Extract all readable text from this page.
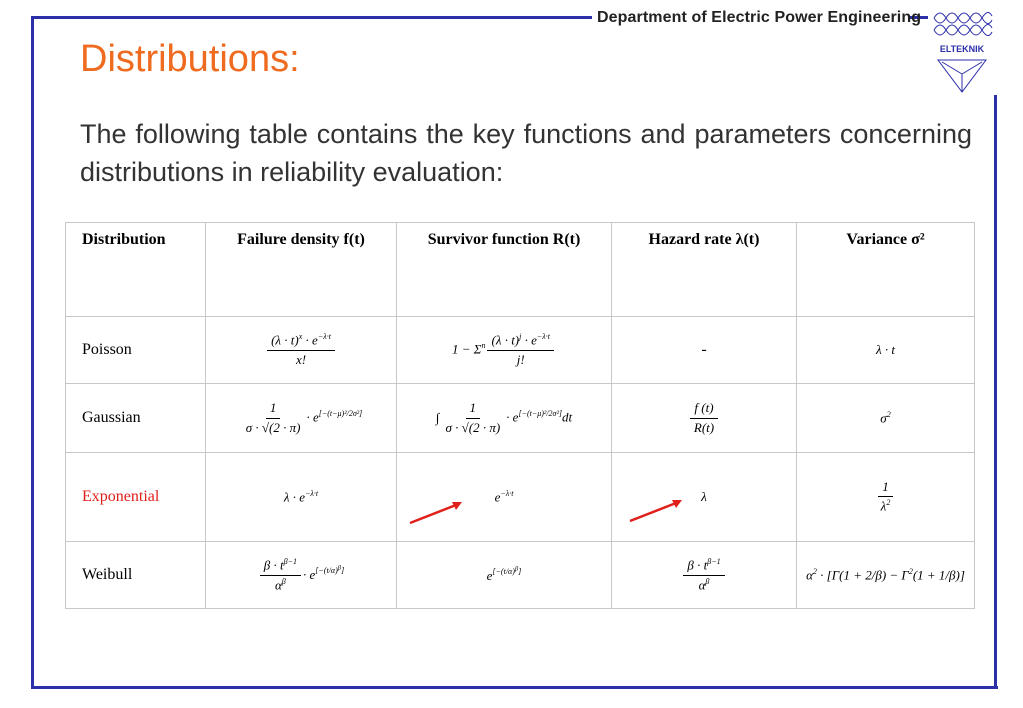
Department of Electric Power Engineering
ELTEKNIK
Distributions:
The following table contains the key functions and parameters concerning distributions in reliability evaluation:
Distribution	Failure density f(t)	Survivor function R(t)	Hazard rate λ(t)	Variance σ²
Poisson	$\frac{(\lambda \cdot t)^x \cdot e^{-\lambda\cdot t}}{x!}$	$1 - \Sigma^n \frac{(\lambda \cdot t)^j \cdot e^{-\lambda\cdot t}}{j!}$	-	λ · t
Gaussian	$\frac{1}{\sigma \cdot √(2 \cdot \pi)} \cdot e[-(t-\mu)^2/2\sigma^2]$	∫ $\frac{1}{\sigma \cdot √(2 \cdot \pi)} \cdot e[-(t-\mu)^2/2\sigma^2]dt$	$\frac{f (t)}{R(t)}$	$\sigma^2$
Exponential	$\lambda \cdot e^{-\lambda\cdot t}$	$e^{-\lambda\cdot t}$	λ	$\frac{1}{\lambda^2}$

Weibull	$\frac{\beta \cdot t^{\beta-1}}{\alpha^\beta} \cdot e[-(t/\alpha)\beta]$	e[−(t/α)β]	$\frac{\beta \cdot t^{\beta-1}}{\alpha^\beta}$	$\alpha^2 \cdot [\Gamma(1 + 2/\beta) - \Gamma^2(1 + 1/\beta)]$
